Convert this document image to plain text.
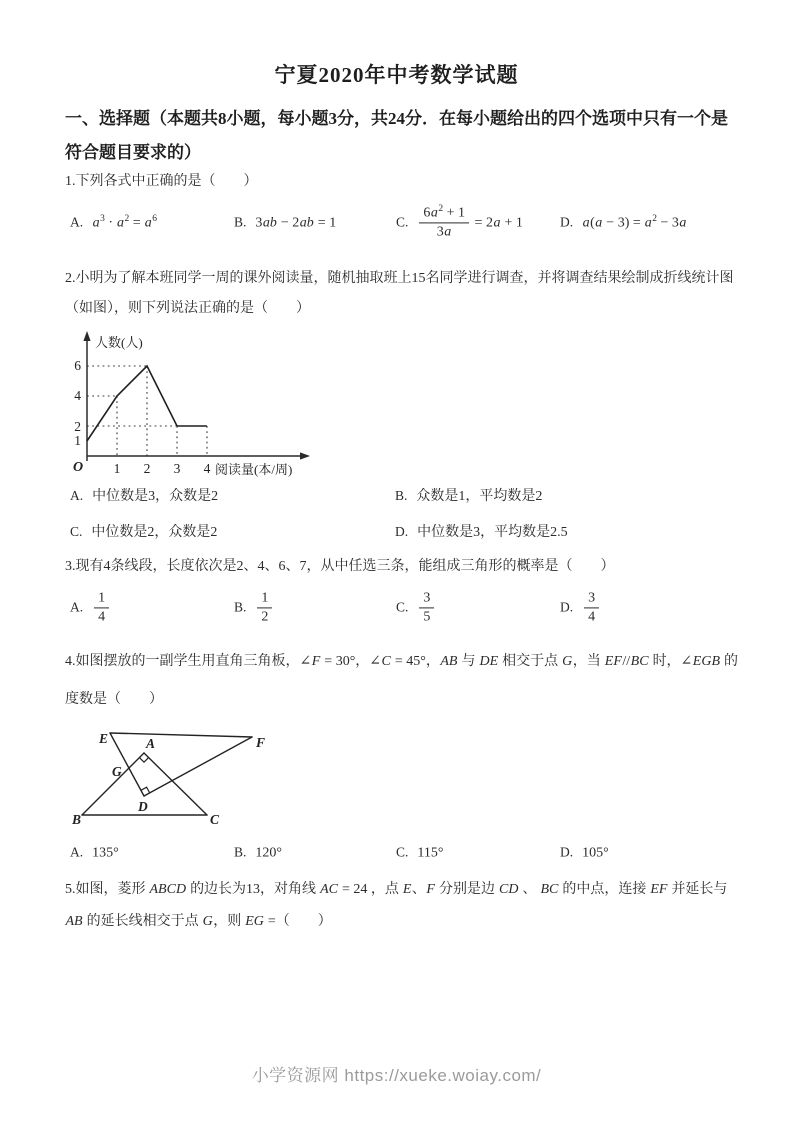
宁夏2020年中考数学试题
一、选择题（本题共8小题，每小题3分，共24分．在每小题给出的四个选项中只有一个是符合题目要求的）
1.下列各式中正确的是（　　）
A. $a^3 \cdot a^2 = a^6$	B. 3ab − 2ab = 1	C. $\frac{6a^2 + 1}{3a} = 2a + 1$	D. $a(a - 3) = a^2 - 3a$
2.小明为了解本班同学一周的课外阅读量，随机抽取班上15名同学进行调查，并将调查结果绘制成折线统计图（如图），则下列说法正确的是（　　）
1
2
4
6
1 2 3 4
O
人数(人)
阅读量(本/周)
A. 中位数是3，众数是2	B. 众数是1，平均数是2
C. 中位数是2，众数是2	D. 中位数是3，平均数是2.5
3.现有4条线段，长度依次是2、4、6、7，从中任选三条，能组成三角形的概率是（　　）
A. $\frac{1}{4}$	B. $\frac{1}{2}$	C. $\frac{3}{5}$	D. $\frac{3}{4}$
4.如图摆放的一副学生用直角三角板，∠F = 30°，∠C = 45°，AB 与 DE 相交于点 G，当 EF//BC 时，∠EGB 的度数是（　　）
E	F
A
G
D
B	C
A. 135°	B. 120°	C. 115°	D. 105°
5.如图，菱形 ABCD 的边长为13，对角线 AC = 24 ，点 E、F 分别是边 CD 、 BC 的中点，连接 EF 并延长与 AB 的延长线相交于点 G，则 EG =（　　）
小学资源网 https://xueke.woiay.com/
